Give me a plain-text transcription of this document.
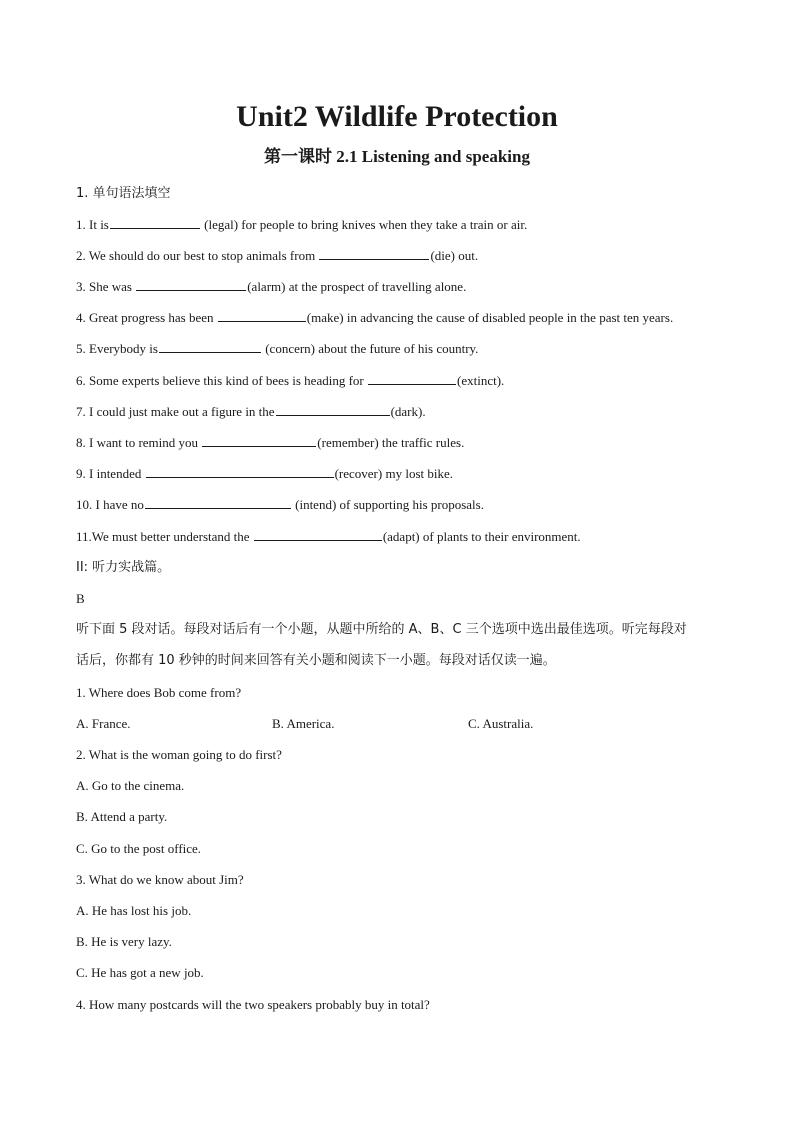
Unit2 Wildlife Protection
第一课时 2.1 Listening and speaking
1. 单句语法填空
1. It is	(legal) for people to bring knives when they take a train or air.
2. We should do our best to stop animals from	(die) out.
3. She was	(alarm) at the prospect of travelling alone.
4. Great progress has been	(make) in advancing the cause of disabled people in the past ten years.
5. Everybody is	(concern) about the future of his country.
6. Some experts believe this kind of bees is heading for	(extinct).
7. I could just make out a figure in the	(dark).
8. I want to remind you	(remember) the traffic rules.
9. I intended	(recover) my lost bike.
10. I have no	(intend) of supporting his proposals.
11.We must better understand the	(adapt) of plants to their environment.
II: 听力实战篇。
B
听下面 5 段对话。每段对话后有一个小题，从题中所给的 A、B、C 三个选项中选出最佳选项。听完每段对
话后，你都有 10 秒钟的时间来回答有关小题和阅读下一小题。每段对话仅读一遍。
1. Where does Bob come from?
A. France.	B. America.	C. Australia.
2. What is the woman going to do first?
A. Go to the cinema.
B. Attend a party.
C. Go to the post office.
3. What do we know about Jim?
A. He has lost his job.
B. He is very lazy.
C. He has got a new job.
4. How many postcards will the two speakers probably buy in total?
